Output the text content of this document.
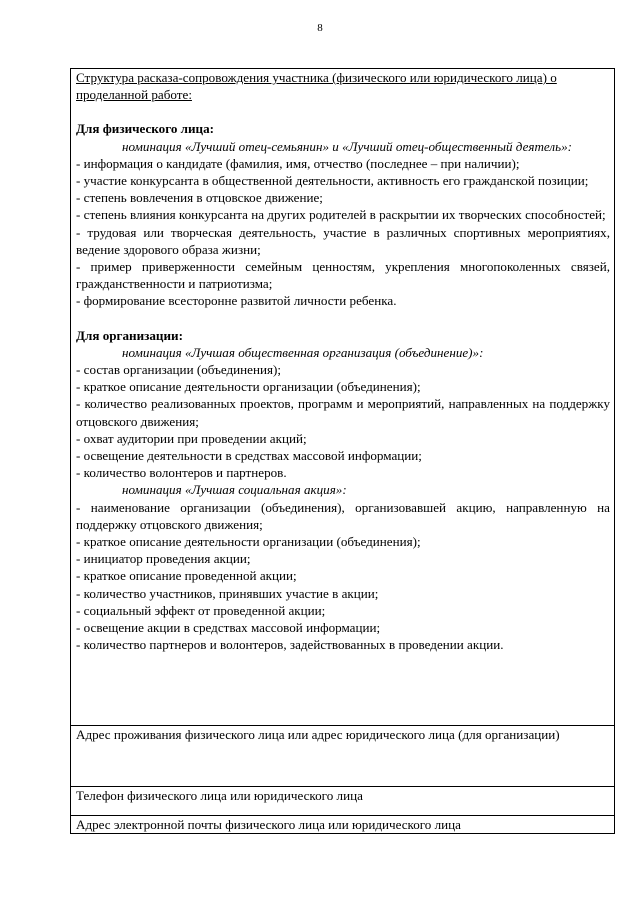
8

Структура расказа-сопровождения участника (физического или юридического лица) о проделанной работе:

Для физического лица:

номинация «Лучший отец-семьянин» и «Лучший отец-общественный деятель»:

- информация о кандидате (фамилия, имя, отчество (последнее – при наличии);

- участие конкурсанта в общественной деятельности, активность его гражданской позиции;

- степень вовлечения в отцовское движение;

- степень влияния конкурсанта на других родителей в раскрытии их творческих способностей;

- трудовая или творческая деятельность, участие в различных спортивных мероприятиях, ведение здорового образа жизни;

- пример приверженности семейным ценностям, укрепления многопоколенных связей, гражданственности и патриотизма;

- формирование всесторонне развитой личности ребенка.

Для организации:

номинация «Лучшая общественная организация (объединение)»:

- состав организации (объединения);

- краткое описание деятельности организации (объединения);

- количество реализованных проектов, программ и мероприятий, направленных на поддержку отцовского движения;

- охват аудитории при проведении акций;

- освещение деятельности в средствах массовой информации;

- количество волонтеров и партнеров.

номинация «Лучшая социальная акция»:

- наименование организации (объединения), организовавшей акцию, направленную на поддержку отцовского движения;

- краткое описание деятельности организации (объединения);

- инициатор проведения акции;

- краткое описание проведенной акции;

- количество участников, принявших участие в акции;

- социальный эффект от проведенной акции;

- освещение акции в средствах массовой информации;

- количество партнеров и волонтеров, задействованных в проведении акции.

Адрес проживания физического лица или адрес юридического лица (для организации)
Телефон физического лица или юридического лица
Адрес электронной почты физического лица или юридического лица
